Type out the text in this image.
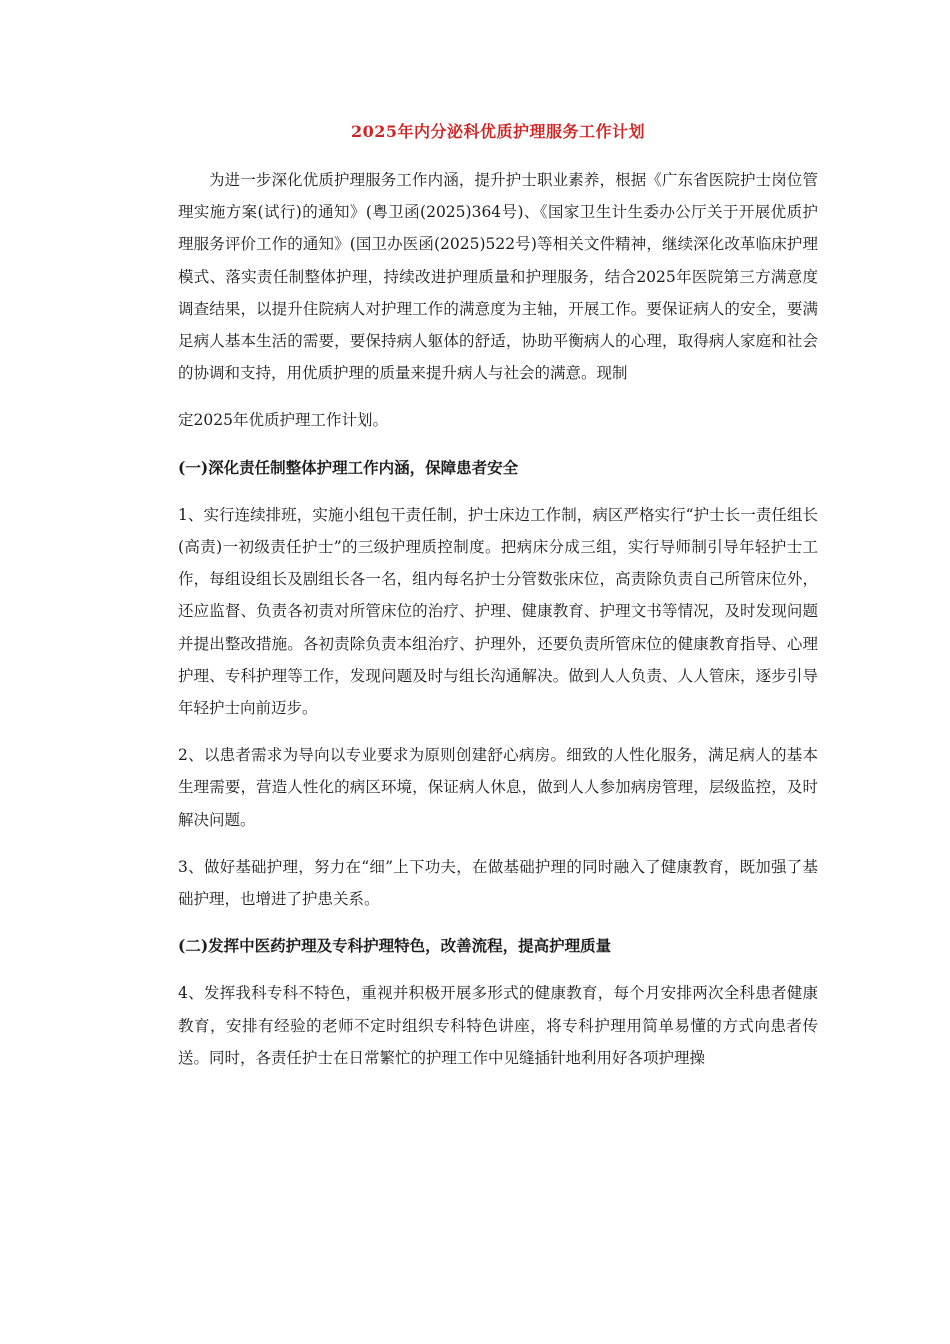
2025年内分泌科优质护理服务工作计划

为进一步深化优质护理服务工作内涵，提升护士职业素养，根据《广东省医院护士岗位管理实施方案(试行)的通知》(粤卫函(2025)364号)、《国家卫生计生委办公厅关于开展优质护理服务评价工作的通知》(国卫办医函(2025)522号)等相关文件精神，继续深化改革临床护理模式、落实责任制整体护理，持续改进护理质量和护理服务，结合2025年医院第三方满意度调查结果，以提升住院病人对护理工作的满意度为主轴，开展工作。要保证病人的安全，要满足病人基本生活的需要，要保持病人躯体的舒适，协助平衡病人的心理，取得病人家庭和社会的协调和支持，用优质护理的质量来提升病人与社会的满意。现制

定2025年优质护理工作计划。

(一)深化责任制整体护理工作内涵，保障患者安全

1、实行连续排班，实施小组包干责任制，护士床边工作制，病区严格实行“护士长一责任组长(高责)一初级责任护士”的三级护理质控制度。把病床分成三组，实行导师制引导年轻护士工作，每组设组长及剧组长各一名，组内每名护士分管数张床位，高责除负责自己所管床位外，还应监督、负责各初责对所管床位的治疗、护理、健康教育、护理文书等情况，及时发现问题并提出整改措施。各初责除负责本组治疗、护理外，还要负责所管床位的健康教育指导、心理护理、专科护理等工作，发现问题及时与组长沟通解决。做到人人负责、人人管床，逐步引导年轻护士向前迈步。

2、以患者需求为导向以专业要求为原则创建舒心病房。细致的人性化服务，满足病人的基本生理需要，营造人性化的病区环境，保证病人休息，做到人人参加病房管理，层级监控，及时解决问题。

3、做好基础护理，努力在“细”上下功夫，在做基础护理的同时融入了健康教育，既加强了基础护理，也增进了护患关系。

(二)发挥中医药护理及专科护理特色，改善流程，提高护理质量

4、发挥我科专科不特色，重视并积极开展多形式的健康教育，每个月安排两次全科患者健康教育，安排有经验的老师不定时组织专科特色讲座，将专科护理用简单易懂的方式向患者传送。同时，各责任护士在日常繁忙的护理工作中见缝插针地利用好各项护理操
